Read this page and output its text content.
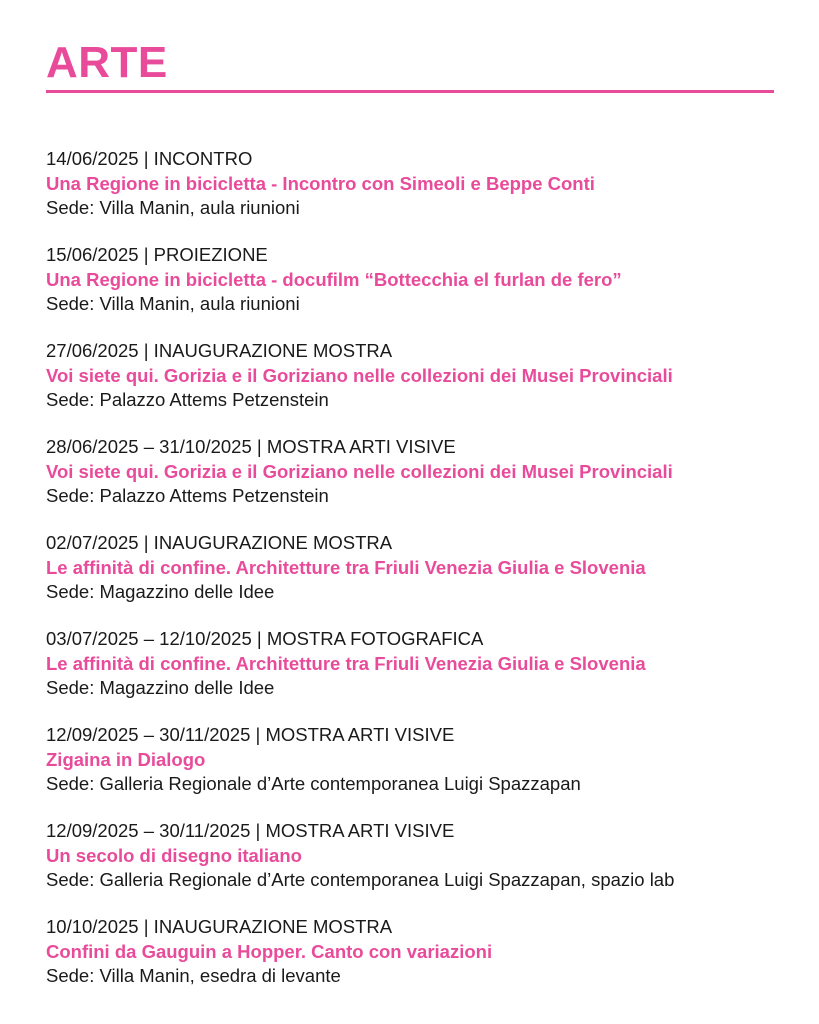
ARTE
14/06/2025 | INCONTRO
Una Regione in bicicletta - Incontro con Simeoli e Beppe Conti
Sede: Villa Manin, aula riunioni
15/06/2025 | PROIEZIONE
Una Regione in bicicletta - docufilm “Bottecchia el furlan de fero”
Sede: Villa Manin, aula riunioni
27/06/2025 | INAUGURAZIONE MOSTRA
Voi siete qui. Gorizia e il Goriziano nelle collezioni dei Musei Provinciali
Sede: Palazzo Attems Petzenstein
28/06/2025 – 31/10/2025 | MOSTRA ARTI VISIVE
Voi siete qui. Gorizia e il Goriziano nelle collezioni dei Musei Provinciali
Sede: Palazzo Attems Petzenstein
02/07/2025 | INAUGURAZIONE MOSTRA
Le affinità di confine. Architetture tra Friuli Venezia Giulia e Slovenia
Sede: Magazzino delle Idee
03/07/2025 – 12/10/2025 | MOSTRA FOTOGRAFICA
Le affinità di confine. Architetture tra Friuli Venezia Giulia e Slovenia
Sede: Magazzino delle Idee
12/09/2025 – 30/11/2025 | MOSTRA ARTI VISIVE
Zigaina in Dialogo
Sede: Galleria Regionale d’Arte contemporanea Luigi Spazzapan
12/09/2025 – 30/11/2025 | MOSTRA ARTI VISIVE
Un secolo di disegno italiano
Sede: Galleria Regionale d’Arte contemporanea Luigi Spazzapan, spazio lab
10/10/2025 | INAUGURAZIONE MOSTRA
Confini da Gauguin a Hopper. Canto con variazioni
Sede: Villa Manin, esedra di levante
